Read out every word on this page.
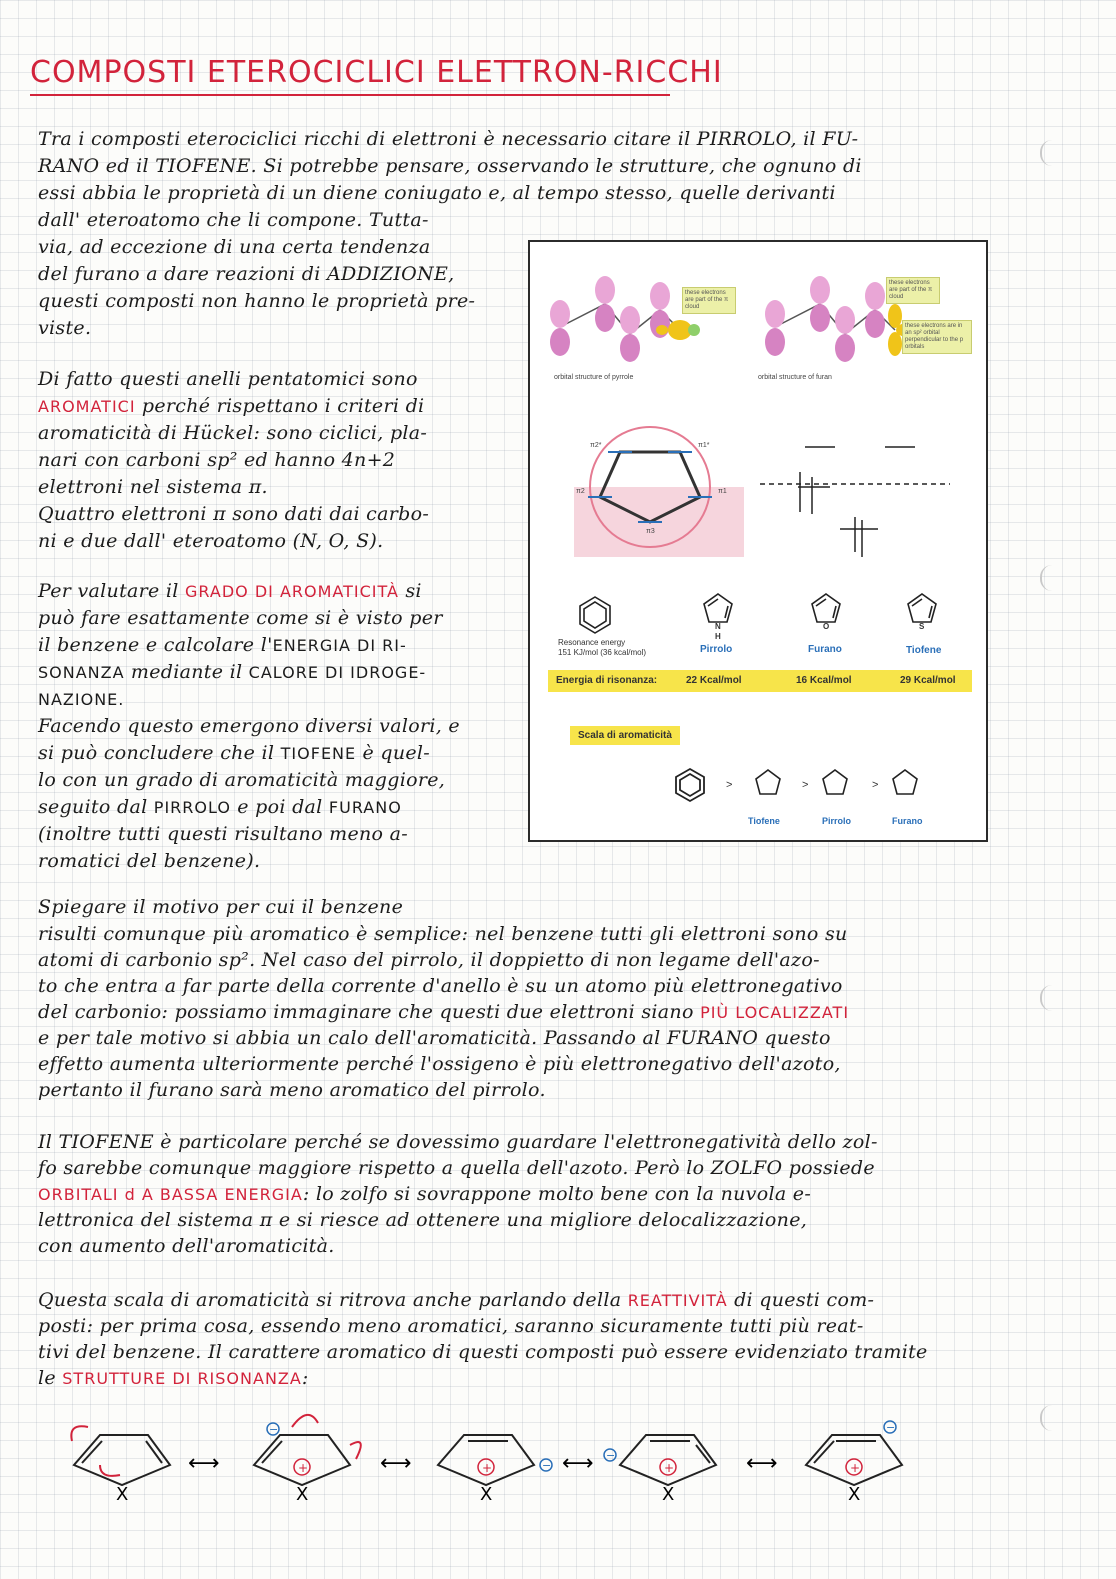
COMPOSTI ETEROCICLICI ELETTRON-RICCHI

Tra i composti eterociclici ricchi di elettroni è necessario citare il PIRROLO, il FU-

RANO ed il TIOFENE. Si potrebbe pensare, osservando le strutture, che ognuno di

essi abbia le proprietà di un diene coniugato e, al tempo stesso, quelle derivanti

dall' eteroatomo che li compone. Tutta-

via, ad eccezione di una certa tendenza

del furano a dare reazioni di ADDIZIONE,

questi composti non hanno le proprietà pre-

viste.

Di fatto questi anelli pentatomici sono

AROMATICI perché rispettano i criteri di

aromaticità di Hückel: sono ciclici, pla-

nari con carboni sp² ed hanno 4n+2

elettroni nel sistema π.

Quattro elettroni π sono dati dai carbo-

ni e due dall' eteroatomo (N, O, S).

Per valutare il GRADO DI AROMATICITÀ si

può fare esattamente come si è visto per

il benzene e calcolare l'ENERGIA DI RI-

SONANZA mediante il CALORE DI IDROGE-

NAZIONE.

Facendo questo emergono diversi valori, e

si può concludere che il TIOFENE è quel-

lo con un grado di aromaticità maggiore,

seguito dal PIRROLO e poi dal FURANO

(inoltre tutti questi risultano meno a-

romatici del benzene).

these electrons are part of the π cloud
these electrons are part of the π cloud
these electrons are in an sp² orbital perpendicular to the p orbitals
orbital structure of pyrrole	orbital structure of furan
π2*	π1*
π2	π1
π3
Resonance energy
151 KJ/mol (36 kcal/mol)
N
H
O	S
Pirrolo	Furano	Tiofene
Energia di risonanza:	22 Kcal/mol	16 Kcal/mol	29 Kcal/mol
Scala di aromaticità
>	>	>
Tiofene	Pirrolo	Furano

Spiegare il motivo per cui il benzene

risulti comunque più aromatico è semplice: nel benzene tutti gli elettroni sono su

atomi di carbonio sp². Nel caso del pirrolo, il doppietto di non legame dell'azo-

to che entra a far parte della corrente d'anello è su un atomo più elettronegativo

del carbonio: possiamo immaginare che questi due elettroni siano PIÙ LOCALIZZATI

e per tale motivo si abbia un calo dell'aromaticità. Passando al FURANO questo

effetto aumenta ulteriormente perché l'ossigeno è più elettronegativo dell'azoto,

pertanto il furano sarà meno aromatico del pirrolo.

Il TIOFENE è particolare perché se dovessimo guardare l'elettronegatività dello zol-

fo sarebbe comunque maggiore rispetto a quella dell'azoto. Però lo ZOLFO possiede

ORBITALI d A BASSA ENERGIA: lo zolfo si sovrappone molto bene con la nuvola e-

lettronica del sistema π e si riesce ad ottenere una migliore delocalizzazione,

con aumento dell'aromaticità.

Questa scala di aromaticità si ritrova anche parlando della REATTIVITÀ di questi com-

posti: per prima cosa, essendo meno aromatici, saranno sicuramente tutti più reat-

tivi del benzene. Il carattere aromatico di questi composti può essere evidenziato tramite

le STRUTTURE DI RISONANZA:

X
⟷	+
−
X
⟷	+	−
X
⟷ −
+
X
⟷
−
+
X
